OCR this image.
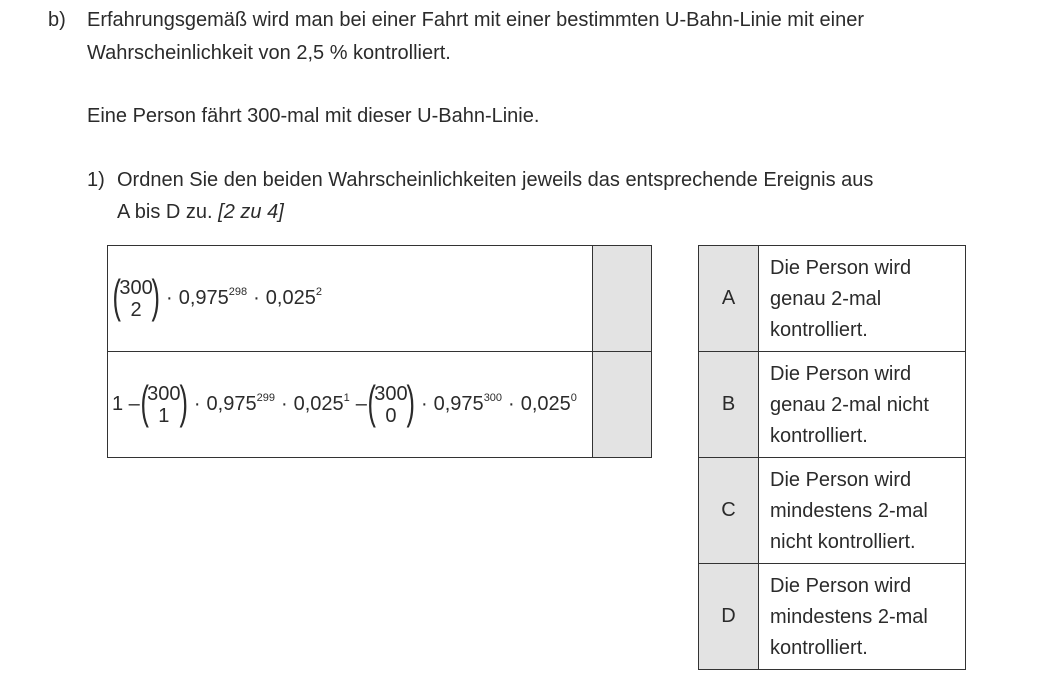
b) Erfahrungsgemäß wird man bei einer Fahrt mit einer bestimmten U-Bahn-Linie mit einer
Wahrscheinlichkeit von 2,5 % kontrolliert.
Eine Person fährt 300-mal mit dieser U-Bahn-Linie.
1) Ordnen Sie den beiden Wahrscheinlichkeiten jeweils das entsprechende Ereignis aus
A bis D zu. [2 zu 4]
(
300
2 ) · $0,975^{298} \cdot 0,025^2$
1 – (
300
1 ) · $0,975^{299} \cdot 0,025^1$ – (
300
0 ) · $0,975^{300} \cdot 0,025^0$
A
Die Person wird
genau 2-mal
kontrolliert.
B
Die Person wird
genau 2-mal nicht
kontrolliert.
C
Die Person wird
mindestens 2-mal
nicht kontrolliert.
D
Die Person wird
mindestens 2-mal
kontrolliert.
